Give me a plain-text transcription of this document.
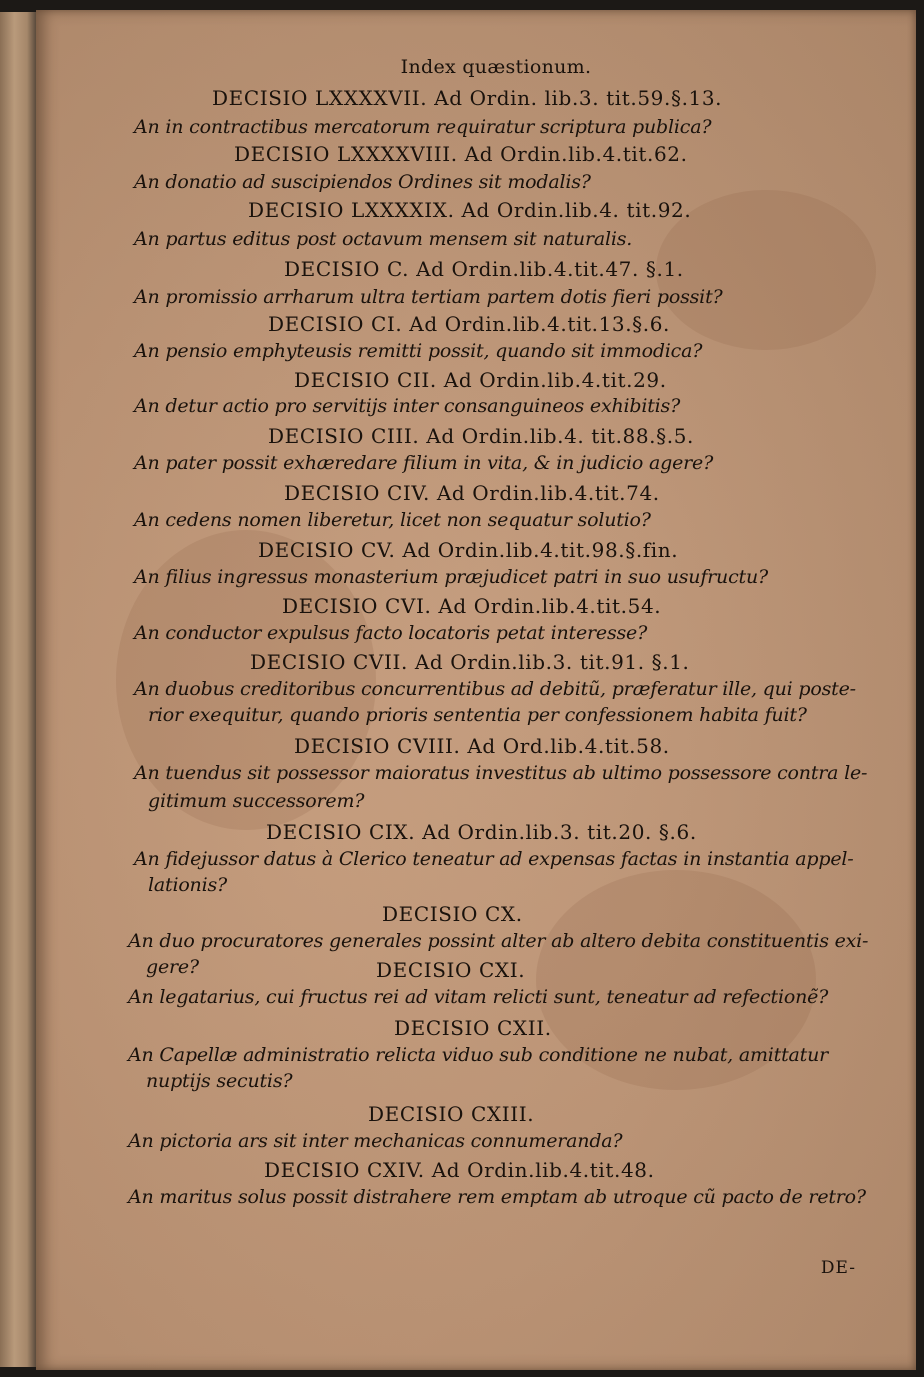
Index quæstionum.
DECISIO LXXXXVII. Ad Ordin. lib.3. tit.59.§.13.
An in contractibus mercatorum requiratur scriptura publica?
DECISIO LXXXXVIII. Ad Ordin.lib.4.tit.62.
An donatio ad suscipiendos Ordines sit modalis?
DECISIO LXXXXIX. Ad Ordin.lib.4. tit.92.
An partus editus post octavum mensem sit naturalis.
DECISIO C. Ad Ordin.lib.4.tit.47. §.1.
An promissio arrharum ultra tertiam partem dotis fieri possit?
DECISIO CI. Ad Ordin.lib.4.tit.13.§.6.
An pensio emphyteusis remitti possit, quando sit immodica?
DECISIO CII. Ad Ordin.lib.4.tit.29.
An detur actio pro servitijs inter consanguineos exhibitis?
DECISIO CIII. Ad Ordin.lib.4. tit.88.§.5.
An pater possit exhæredare filium in vita, & in judicio agere?
DECISIO CIV. Ad Ordin.lib.4.tit.74.
An cedens nomen liberetur, licet non sequatur solutio?
DECISIO CV. Ad Ordin.lib.4.tit.98.§.fin.
An filius ingressus monasterium præjudicet patri in suo usufructu?
DECISIO CVI. Ad Ordin.lib.4.tit.54.
An conductor expulsus facto locatoris petat interesse?
DECISIO CVII. Ad Ordin.lib.3. tit.91. §.1.
An duobus creditoribus concurrentibus ad debitũ, præferatur ille, qui poste-
rior exequitur, quando prioris sententia per confessionem habita fuit?
DECISIO CVIII. Ad Ord.lib.4.tit.58.
An tuendus sit possessor maioratus investitus ab ultimo possessore contra le-
gitimum successorem?
DECISIO CIX. Ad Ordin.lib.3. tit.20. §.6.
An fidejussor datus à Clerico teneatur ad expensas factas in instantia appel-
lationis?
DECISIO CX.
An duo procuratores generales possint alter ab altero debita constituentis exi-
gere?	DECISIO CXI.
An legatarius, cui fructus rei ad vitam relicti sunt, teneatur ad refectionẽ?
DECISIO CXII.
An Capellæ administratio relicta viduo sub conditione ne nubat, amittatur
nuptijs secutis?
DECISIO CXIII.
An pictoria ars sit inter mechanicas connumeranda?
DECISIO CXIV. Ad Ordin.lib.4.tit.48.
An maritus solus possit distrahere rem emptam ab utroque cũ pacto de retro?
DE-
